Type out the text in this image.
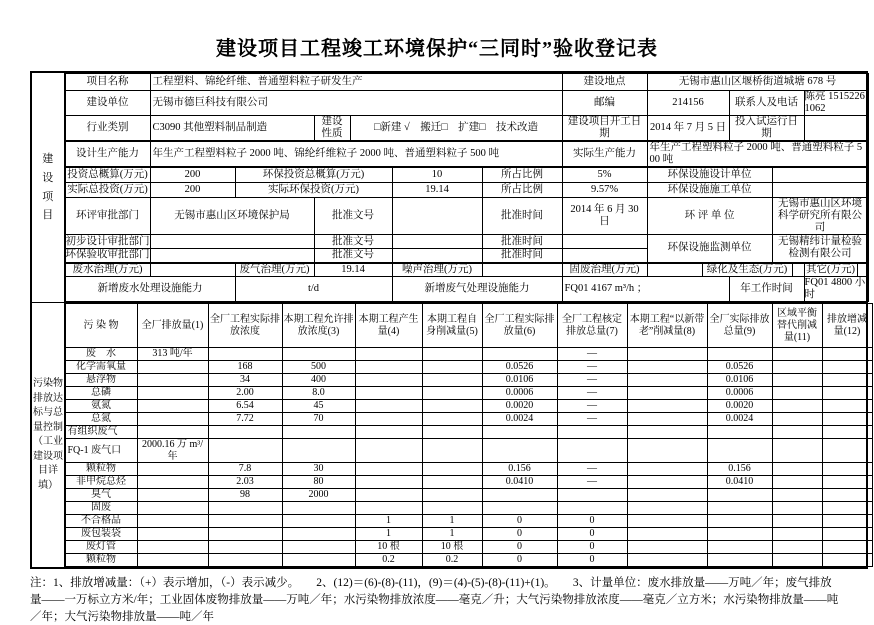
建设项目工程竣工环境保护“三同时”验收登记表
建设项目

项目名称	工程塑料、锦纶纤维、普通塑料粒子研发生产	建设地点	无锡市惠山区堰桥街道城塘 678 号
建设单位	无锡市德巨科技有限公司	邮编	214156	联系人及电话	陈亮 15152261062
行业类别	C3090 其他塑料制品制造	建设性质	□新建 √　搬迁□　扩建□　技术改造	建设项目开工日期	2014 年 7 月 5 日	投入试运行日期	
设计生产能力	年生产工程塑料粒子 2000 吨、锦纶纤维粒子 2000 吨、普通塑料粒子 500 吨	实际生产能力	年生产工程塑料粒子 2000 吨、普通塑料粒子 500 吨
投资总概算(万元)	200	环保投资总概算(万元)	10	所占比例	5%	环保设施设计单位	
实际总投资(万元)	200	实际环保投资(万元)	19.14	所占比例	9.57%	环保设施施工单位	
环评审批部门	无锡市惠山区环境保护局	批准文号		批准时间	2014 年 6 月 30 日	环 评 单 位	无锡市惠山区环境科学研究所有限公司
初步设计审批部门		批准文号		批准时间		环保设施监测单位	无锡精纬计量检验检测有限公司
环保验收审批部门		批准文号		批准时间	
废水治理(万元)		废气治理(万元)	19.14	噪声治理(万元)		固废治理(万元)		绿化及生态(万元)		其它(万元)	
新增废水处理设施能力	t/d	新增废气处理设施能力	FQ01 4167 m³/h ；	年工作时间	FQ01 4800 小时

污染物排放达标与总量控制（工业建设项目详填）

污 染 物	全厂排放量(1)	全厂工程实际排放浓度	本期工程允许排放浓度(3)	本期工程产生量(4)	本期工程自身削减量(5)	全厂工程实际排放量(6)	全厂工程核定排放总量(7)	本期工程“以新带老”削减量(8)	全厂实际排放总量(9)	区域平衡替代削减量(11)	排放增减量(12)
废　水	313 吨/年						—				
化学需氧量		168	500			0.0526	—		0.0526		
悬浮物		34	400			0.0106	—		0.0106		
总磷		2.00	8.0			0.0006	—		0.0006		
氨氮		6.54	45			0.0020	—		0.0020		
总氮		7.72	70			0.0024	—		0.0024		
有组织废气											
FQ-1 废气口	2000.16 万 m³/年										
颗粒物		7.8	30			0.156	—		0.156		
非甲烷总烃		2.03	80			0.0410	—		0.0410		
臭气		98	2000								
固废											
不合格品				1	1	0	0				
废包装袋				1	1	0	0				
废灯管				10 根	10 根	0	0				
颗粒物				0.2	0.2	0	0				
注：1、排放增减量：（+）表示增加，（-）表示减少。　　2、(12)＝(6)-(8)-(11)，(9)＝(4)-(5)-(8)-(11)+(1)。　　3、计量单位：废水排放量——万吨／年；废气排放量——一万标立方米/年；工业固体废物排放量——万吨／年；水污染物排放浓度——毫克／升；大气污染物排放浓度——毫克／立方米；水污染物排放量——吨／年；大气污染物排放量——吨／年
